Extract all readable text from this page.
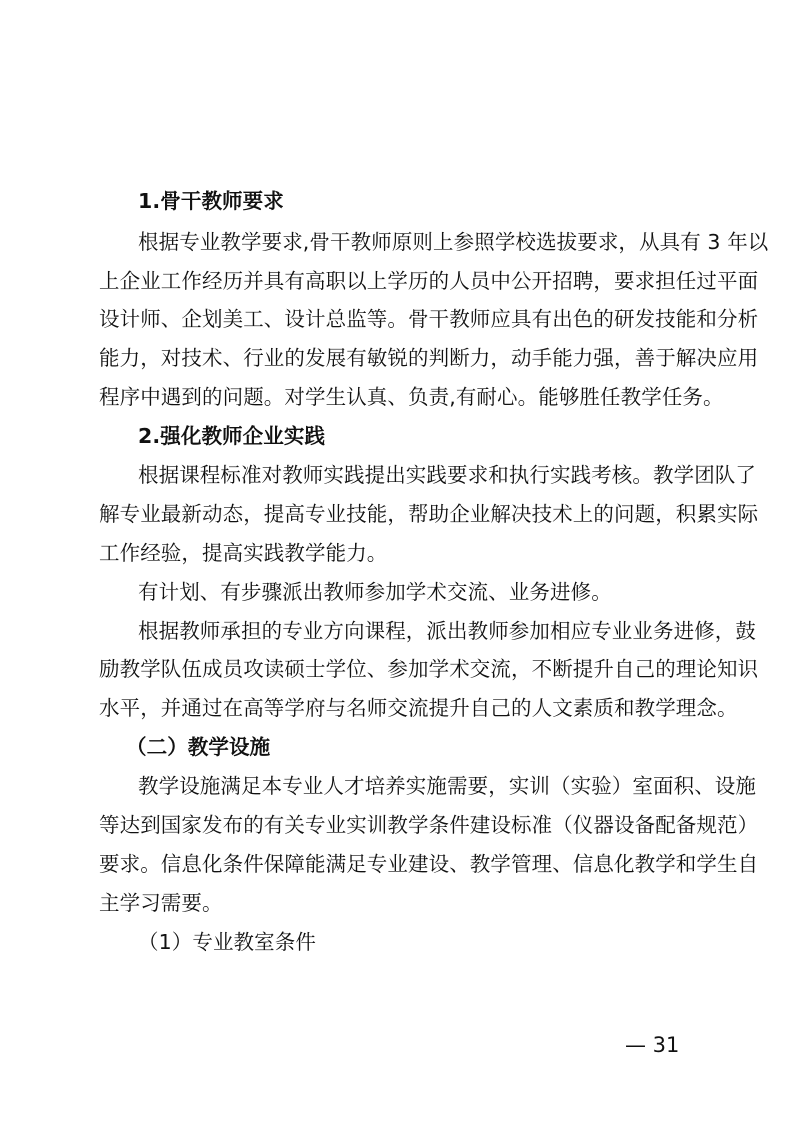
1.骨干教师要求
根据专业教学要求,骨干教师原则上参照学校选拔要求，从具有 3 年以
上企业工作经历并具有高职以上学历的人员中公开招聘，要求担任过平面
设计师、企划美工、设计总监等。骨干教师应具有出色的研发技能和分析
能力，对技术、行业的发展有敏锐的判断力，动手能力强，善于解决应用
程序中遇到的问题。对学生认真、负责,有耐心。能够胜任教学任务。
2.强化教师企业实践
根据课程标准对教师实践提出实践要求和执行实践考核。教学团队了
解专业最新动态，提高专业技能，帮助企业解决技术上的问题，积累实际
工作经验，提高实践教学能力。
有计划、有步骤派出教师参加学术交流、业务进修。
根据教师承担的专业方向课程，派出教师参加相应专业业务进修，鼓
励教学队伍成员攻读硕士学位、参加学术交流，不断提升自己的理论知识
水平，并通过在高等学府与名师交流提升自己的人文素质和教学理念。
（二）教学设施
教学设施满足本专业人才培养实施需要，实训（实验）室面积、设施
等达到国家发布的有关专业实训教学条件建设标准（仪器设备配备规范）
要求。信息化条件保障能满足专业建设、教学管理、信息化教学和学生自
主学习需要。
（1）专业教室条件
— 31
